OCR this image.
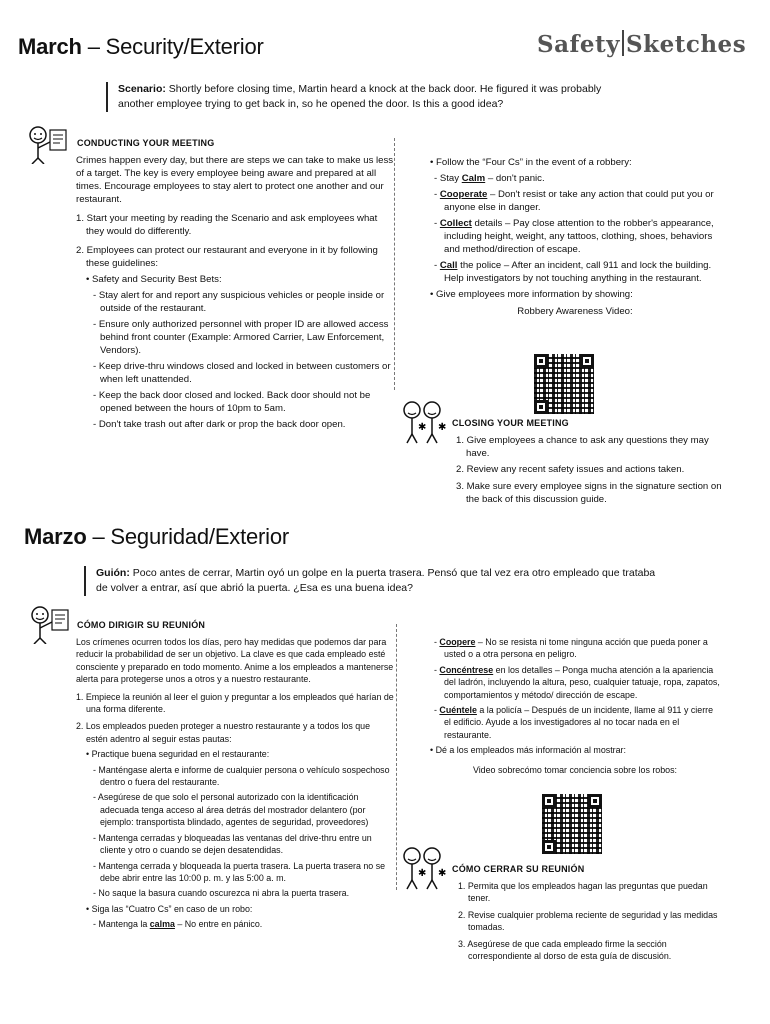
March – Security/Exterior	Safety Sketches
Scenario: Shortly before closing time, Martin heard a knock at the back door. He figured it was probably another employee trying to get back in, so he opened the door. Is this a good idea?
CONDUCTING YOUR MEETING

Crimes happen every day, but there are steps we can take to make us less of a target. The key is every employee being aware and prepared at all times. Encourage employees to stay alert to protect one another and our restaurant.

1. Start your meeting by reading the Scenario and ask employees what they would do differently.

2. Employees can protect our restaurant and everyone in it by following these guidelines:

• Safety and Security Best Bets:

- Stay alert for and report any suspicious vehicles or people inside or outside of the restaurant.

- Ensure only authorized personnel with proper ID are allowed access behind front counter (Example: Armored Carrier, Law Enforcement, Vendors).

- Keep drive-thru windows closed and locked in between customers or when left unattended.

- Keep the back door closed and locked. Back door should not be opened between the hours of 10pm to 5am.

- Don't take trash out after dark or prop the back door open.

• Follow the “Four Cs” in the event of a robbery:

- Stay Calm – don't panic.

- Cooperate – Don't resist or take any action that could put you or anyone else in danger.

- Collect details – Pay close attention to the robber's appearance, including height, weight, any tattoos, clothing, shoes, behaviors and method/direction of escape.

- Call the police – After an incident, call 911 and lock the building. Help investigators by not touching anything in the restaurant.

• Give employees more information by showing:

Robbery Awareness Video:

✱ ✱ CLOSING YOUR MEETING

1. Give employees a chance to ask any questions they may have.

2. Review any recent safety issues and actions taken.

3. Make sure every employee signs in the signature section on the back of this discussion guide.

Marzo – Seguridad/Exterior
Guión: Poco antes de cerrar, Martin oyó un golpe en la puerta trasera. Pensó que tal vez era otro empleado que trataba de volver a entrar, así que abrió la puerta. ¿Esa es una buena idea?
CÓMO DIRIGIR SU REUNIÓN

Los crímenes ocurren todos los días, pero hay medidas que podemos dar para reducir la probabilidad de ser un objetivo. La clave es que cada empleado esté consciente y preparado en todo momento. Anime a los empleados a mantenerse alerta para protegerse unos a otros y a nuestro restaurante.

1. Empiece la reunión al leer el guion y preguntar a los empleados qué harían de una forma diferente.

2. Los empleados pueden proteger a nuestro restaurante y a todos los que estén adentro al seguir estas pautas:

• Practique buena seguridad en el restaurante:

- Manténgase alerta e informe de cualquier persona o vehículo sospechoso dentro o fuera del restaurante.

- Asegúrese de que solo el personal autorizado con la identificación adecuada tenga acceso al área detrás del mostrador delantero (por ejemplo: transportista blindado, agentes de seguridad, proveedores)

- Mantenga cerradas y bloqueadas las ventanas del drive-thru entre un cliente y otro o cuando se dejen desatendidas.

- Mantenga cerrada y bloqueada la puerta trasera. La puerta trasera no se debe abrir entre las 10:00 p. m. y las 5:00 a. m.

- No saque la basura cuando oscurezca ni abra la puerta trasera.

• Siga las “Cuatro Cs” en caso de un robo:

- Mantenga la calma – No entre en pánico.

- Coopere – No se resista ni tome ninguna acción que pueda poner a usted o a otra persona en peligro.

- Concéntrese en los detalles – Ponga mucha atención a la apariencia del ladrón, incluyendo la altura, peso, cualquier tatuaje, ropa, zapatos, comportamientos y método/ dirección de escape.

- Cuéntele a la policía – Después de un incidente, llame al 911 y cierre el edificio. Ayude a los investigadores al no tocar nada en el restaurante.

• Dé a los empleados más información al mostrar:

Video sobrecómo tomar conciencia sobre los robos:

✱ ✱ CÓMO CERRAR SU REUNIÓN

1. Permita que los empleados hagan las preguntas que puedan tener.

2. Revise cualquier problema reciente de seguridad y las medidas tomadas.

3. Asegúrese de que cada empleado firme la sección correspondiente al dorso de esta guía de discusión.
